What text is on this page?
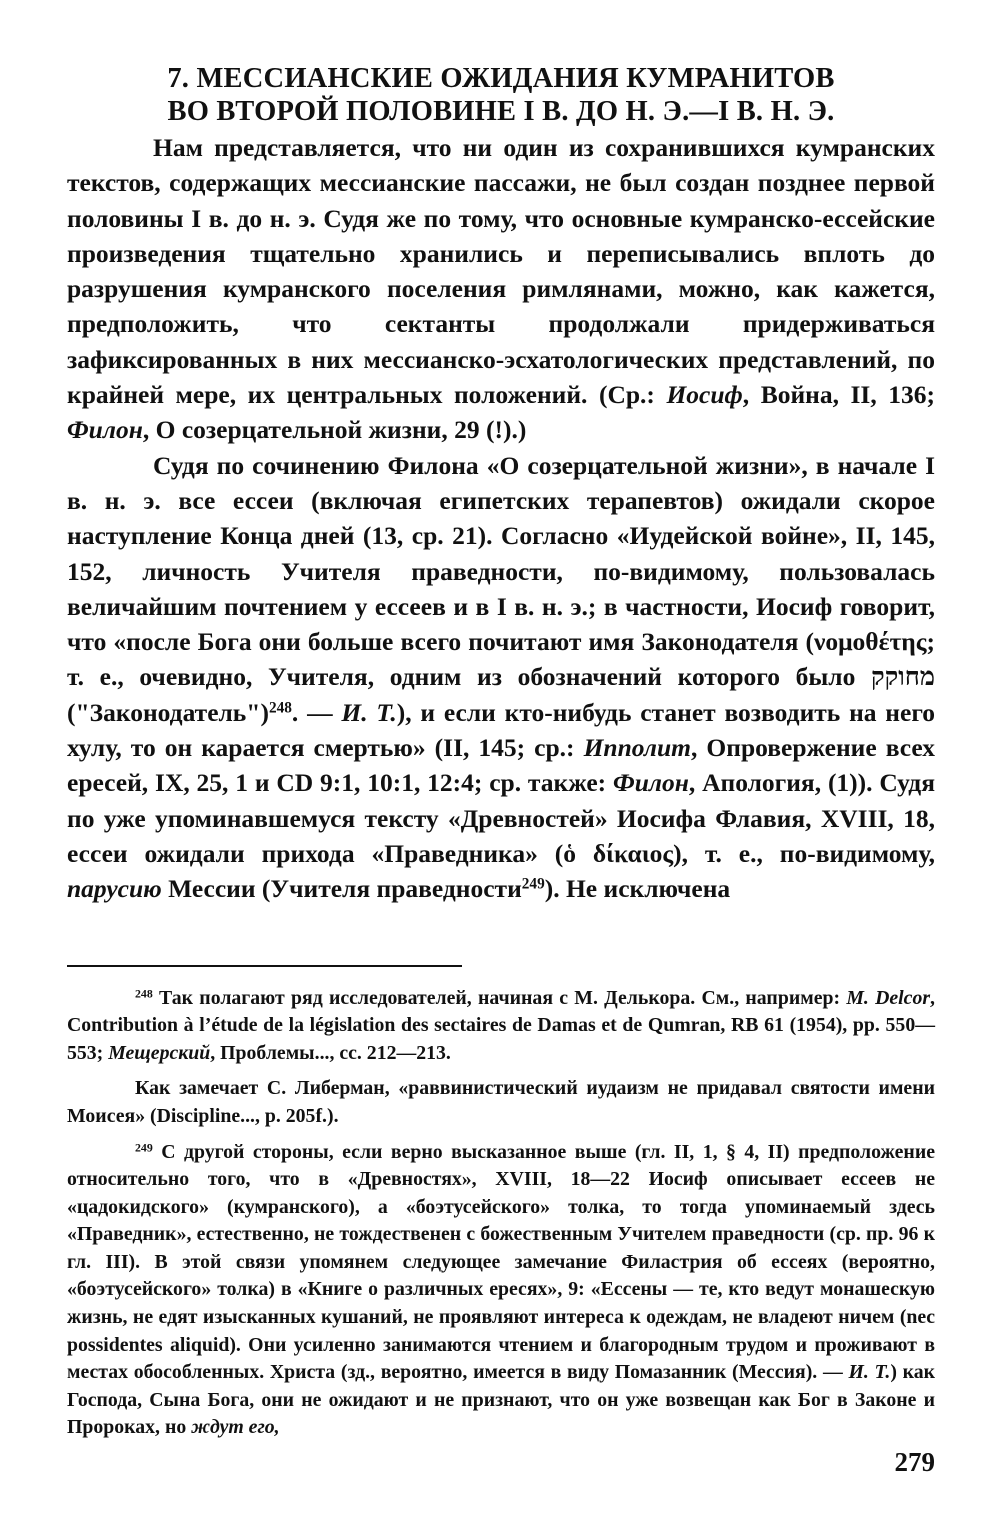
7. МЕССИАНСКИЕ ОЖИДАНИЯ КУМРАНИТОВ
ВО ВТОРОЙ ПОЛОВИНЕ I В. ДО Н. Э.—I В. Н. Э.

Нам представляется, что ни один из сохранившихся кумранских текстов, содержащих мессианские пассажи, не был создан позднее первой половины I в. до н. э. Судя же по тому, что основные кумранско-ессейские произведения тщательно хранились и переписывались вплоть до разрушения кумранского поселения римлянами, можно, как кажется, предположить, что сектанты продолжали придерживаться зафиксированных в них мессианско-эсхатологических представлений, по крайней мере, их центральных положений. (Ср.: Иосиф, Война, II, 136; Филон, О созерцательной жизни, 29 (!).)

Судя по сочинению Филона «О созерцательной жизни», в начале I в. н. э. все ессеи (включая египетских терапевтов) ожидали скорое наступление Конца дней (13, ср. 21). Согласно «Иудейской войне», II, 145, 152, личность Учителя праведности, по-видимому, пользовалась величайшим почтением у ессеев и в I в. н. э.; в частности, Иосиф говорит, что «после Бога они больше всего почитают имя Законодателя (νομοθέτης; т. е., очевидно, Учителя, одним из обозначений которого было מחוקק ("Законодатель")$^{248}$. — И. Т.), и если кто-нибудь станет возводить на него хулу, то он карается смертью» (II, 145; ср.: Ипполит, Опровержение всех ересей, IX, 25, 1 и CD 9:1, 10:1, 12:4; ср. также: Филон, Апология, (1)). Судя по уже упоминавшемуся тексту «Древностей» Иосифа Флавия, XVIII, 18, ессеи ожидали прихода «Праведника» (ὁ δίκαιος), т. е., по-видимому, парусию Мессии (Учителя праведности$^{249}$). Не исключена

$^{248}$ Так полагают ряд исследователей, начиная с М. Делькора. См., например: M. Delcor, Contribution à l’étude de la législation des sectaires de Damas et de Qumran, RB 61 (1954), pp. 550—553; Мещерский, Проблемы..., сс. 212—213.

Как замечает С. Либерман, «раввинистический иудаизм не придавал святости имени Моисея» (Discipline..., p. 205f.).

$^{249}$ С другой стороны, если верно высказанное выше (гл. II, 1, § 4, II) предположение относительно того, что в «Древностях», XVIII, 18—22 Иосиф описывает ессеев не «цадокидского» (кумранского), а «боэтусейского» толка, то тогда упоминаемый здесь «Праведник», естественно, не тождественен с божественным Учителем праведности (ср. пр. 96 к гл. III). В этой связи упомянем следующее замечание Филастрия об ессеях (вероятно, «боэтусейского» толка) в «Книге о различных ересях», 9: «Ессены — те, кто ведут монашескую жизнь, не едят изысканных кушаний, не проявляют интереса к одеждам, не владеют ничем (nec possidentes aliquid). Они усиленно занимаются чтением и благородным трудом и проживают в местах обособленных. Христа (зд., вероятно, имеется в виду Помазанник (Мессия). — И. Т.) как Господа, Сына Бога, они не ожидают и не признают, что он уже возвещан как Бог в Законе и Пророках, но ждут его,

279
